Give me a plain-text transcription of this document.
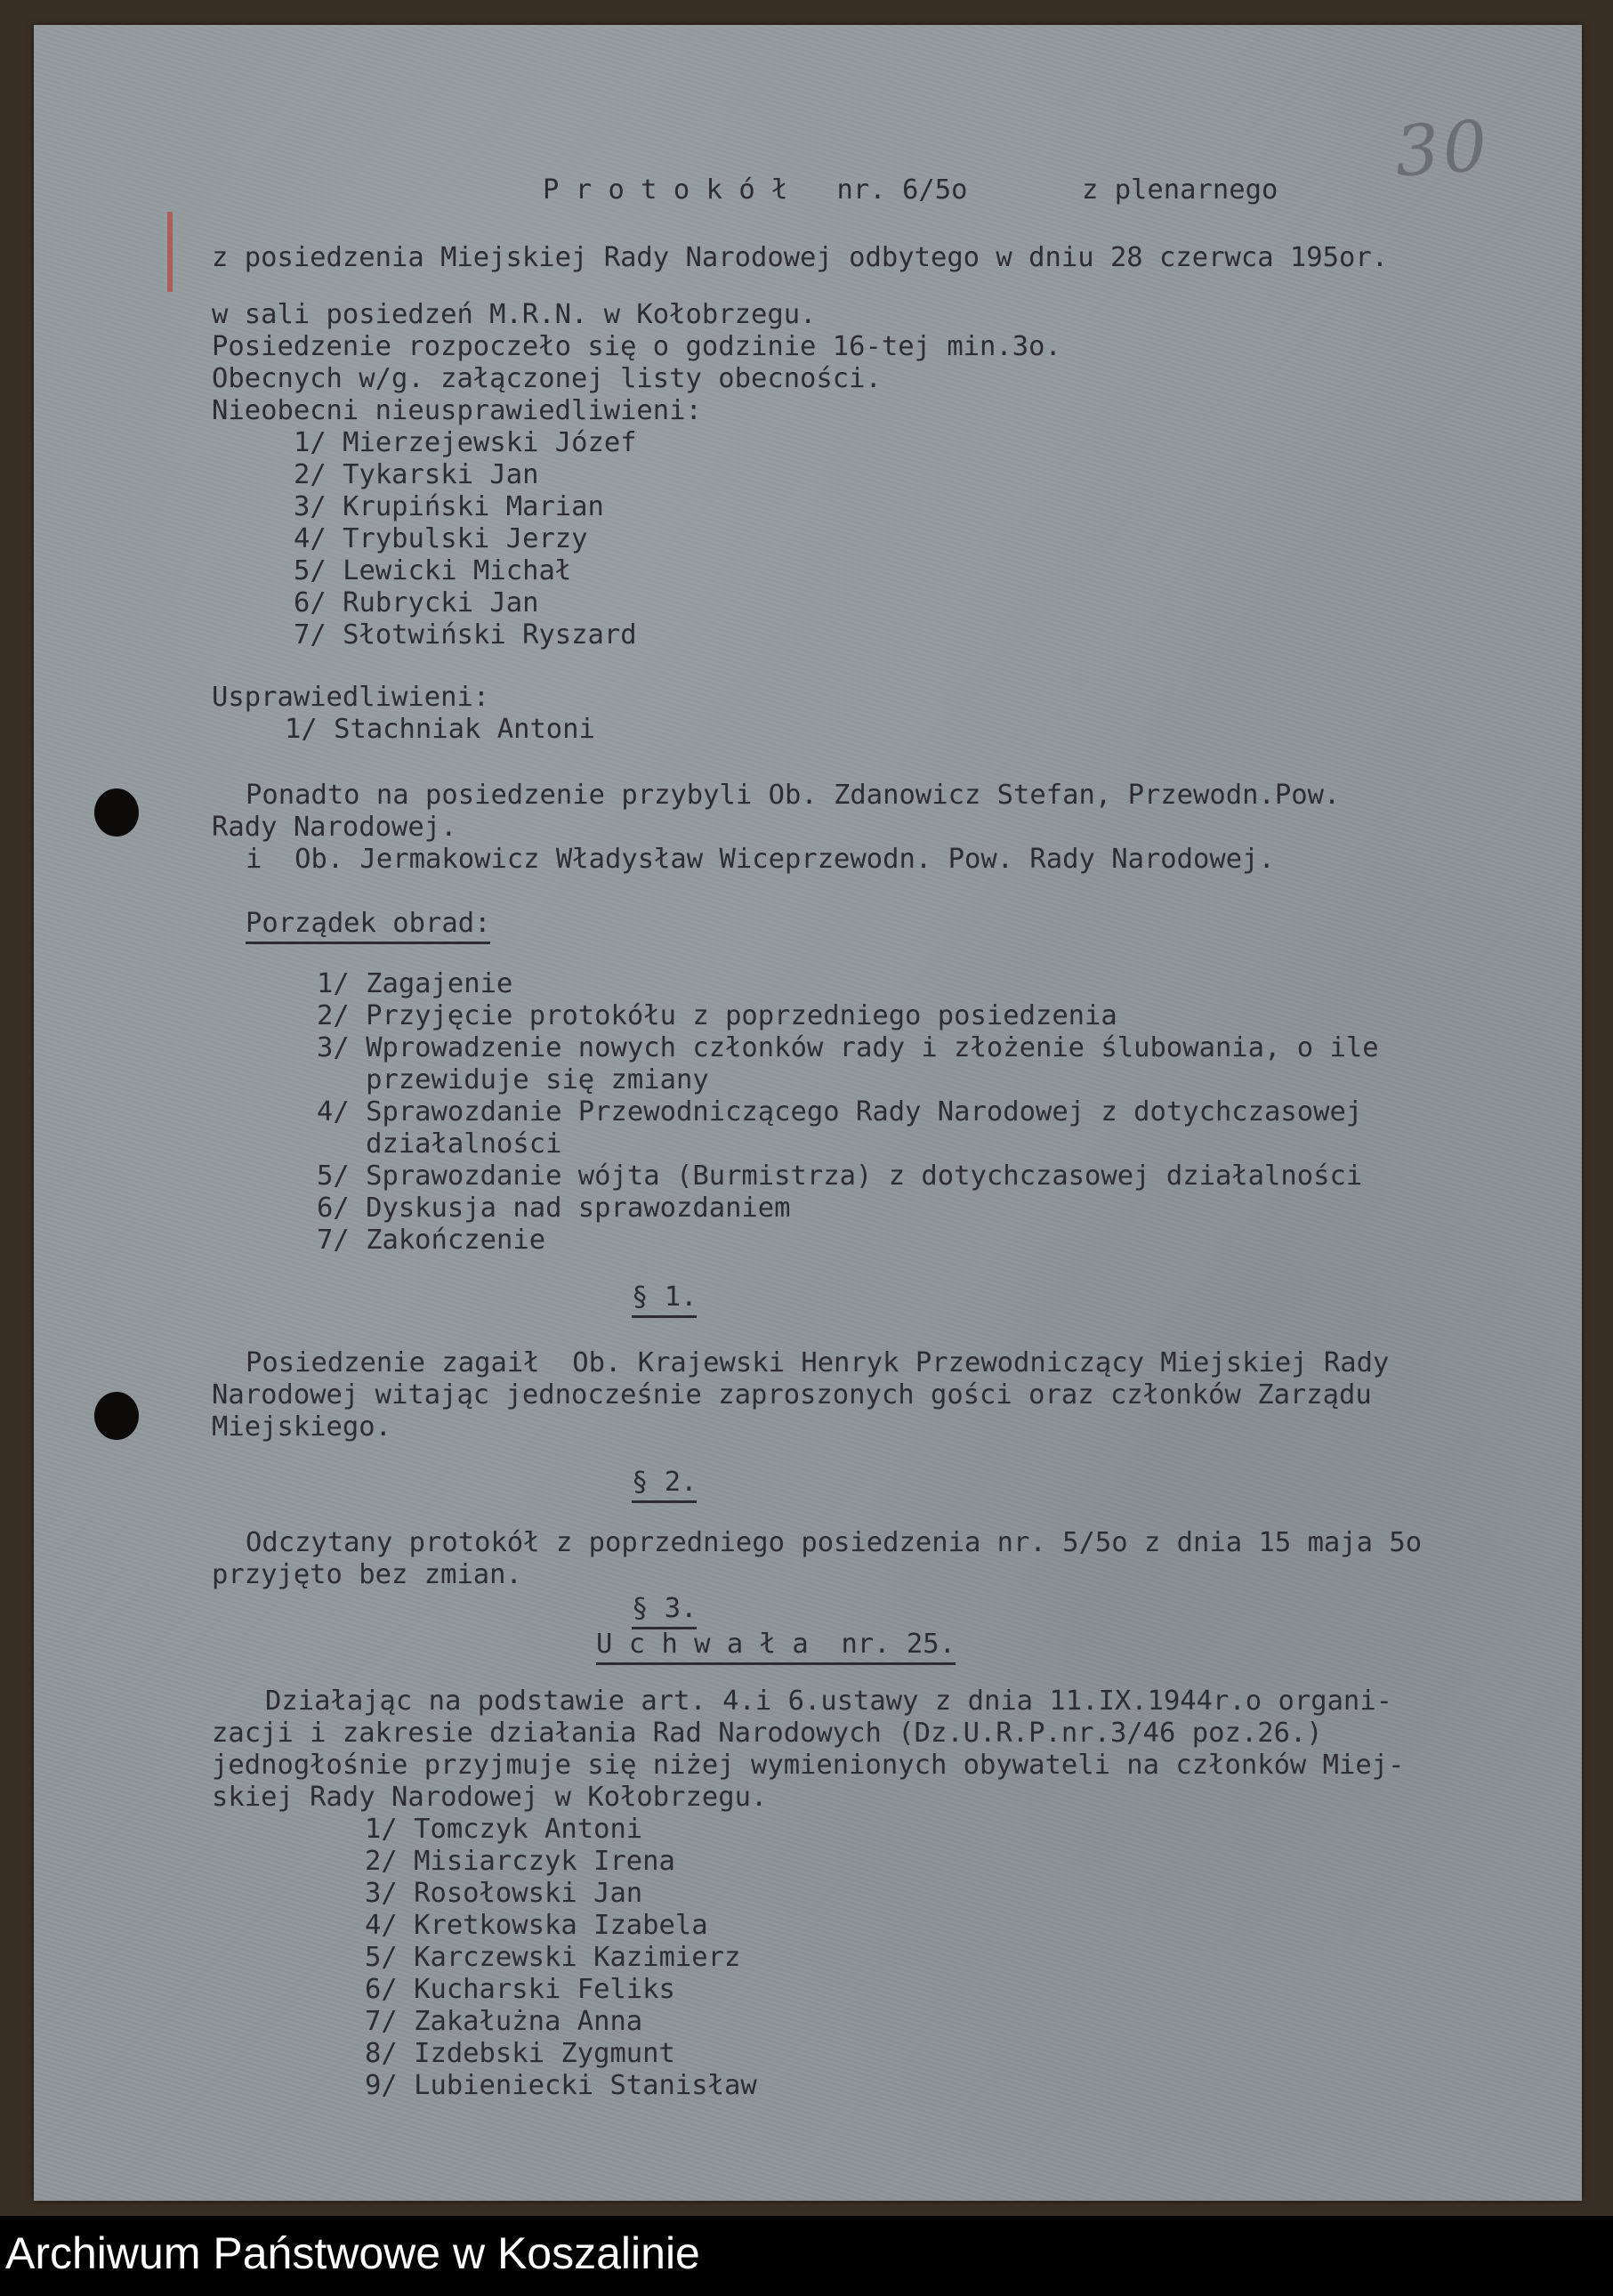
30
P r o t o k ó ł   nr. 6/5o       z plenarnego
z posiedzenia Miejskiej Rady Narodowej odbytego w dniu 28 czerwca 195or.
w sali posiedzeń M.R.N. w Kołobrzegu.
Posiedzenie rozpoczeło się o godzinie 16-tej min.3o.
Obecnych w/g. załączonej listy obecności.
Nieobecni nieusprawiedliwieni:
1/ Mierzejewski Józef
2/ Tykarski Jan
3/ Krupiński Marian
4/ Trybulski Jerzy
5/ Lewicki Michał
6/ Rubrycki Jan
7/ Słotwiński Ryszard
Usprawiedliwieni:
1/ Stachniak Antoni
Ponadto na posiedzenie przybyli Ob. Zdanowicz Stefan, Przewodn.Pow.
Rady Narodowej.
i  Ob. Jermakowicz Władysław Wiceprzewodn. Pow. Rady Narodowej.
Porządek obrad:
1/ Zagajenie
2/ Przyjęcie protokółu z poprzedniego posiedzenia
3/ Wprowadzenie nowych członków rady i złożenie ślubowania, o ile
przewiduje się zmiany
4/ Sprawozdanie Przewodniczącego Rady Narodowej z dotychczasowej
działalności
5/ Sprawozdanie wójta (Burmistrza) z dotychczasowej działalności
6/ Dyskusja nad sprawozdaniem
7/ Zakończenie
§ 1.
Posiedzenie zagaił  Ob. Krajewski Henryk Przewodniczący Miejskiej Rady
Narodowej witając jednocześnie zaproszonych gości oraz członków Zarządu
Miejskiego.
§ 2.
Odczytany protokół z poprzedniego posiedzenia nr. 5/5o z dnia 15 maja 5o
przyjęto bez zmian.
§ 3.
U c h w a ł a  nr. 25.
Działając na podstawie art. 4.i 6.ustawy z dnia 11.IX.1944r.o organi-
zacji i zakresie działania Rad Narodowych (Dz.U.R.P.nr.3/46 poz.26.)
jednogłośnie przyjmuje się niżej wymienionych obywateli na członków Miej-
skiej Rady Narodowej w Kołobrzegu.
1/ Tomczyk Antoni
2/ Misiarczyk Irena
3/ Rosołowski Jan
4/ Kretkowska Izabela
5/ Karczewski Kazimierz
6/ Kucharski Feliks
7/ Zakałużna Anna
8/ Izdebski Zygmunt
9/ Lubieniecki Stanisław
Archiwum Państwowe w Koszalinie
